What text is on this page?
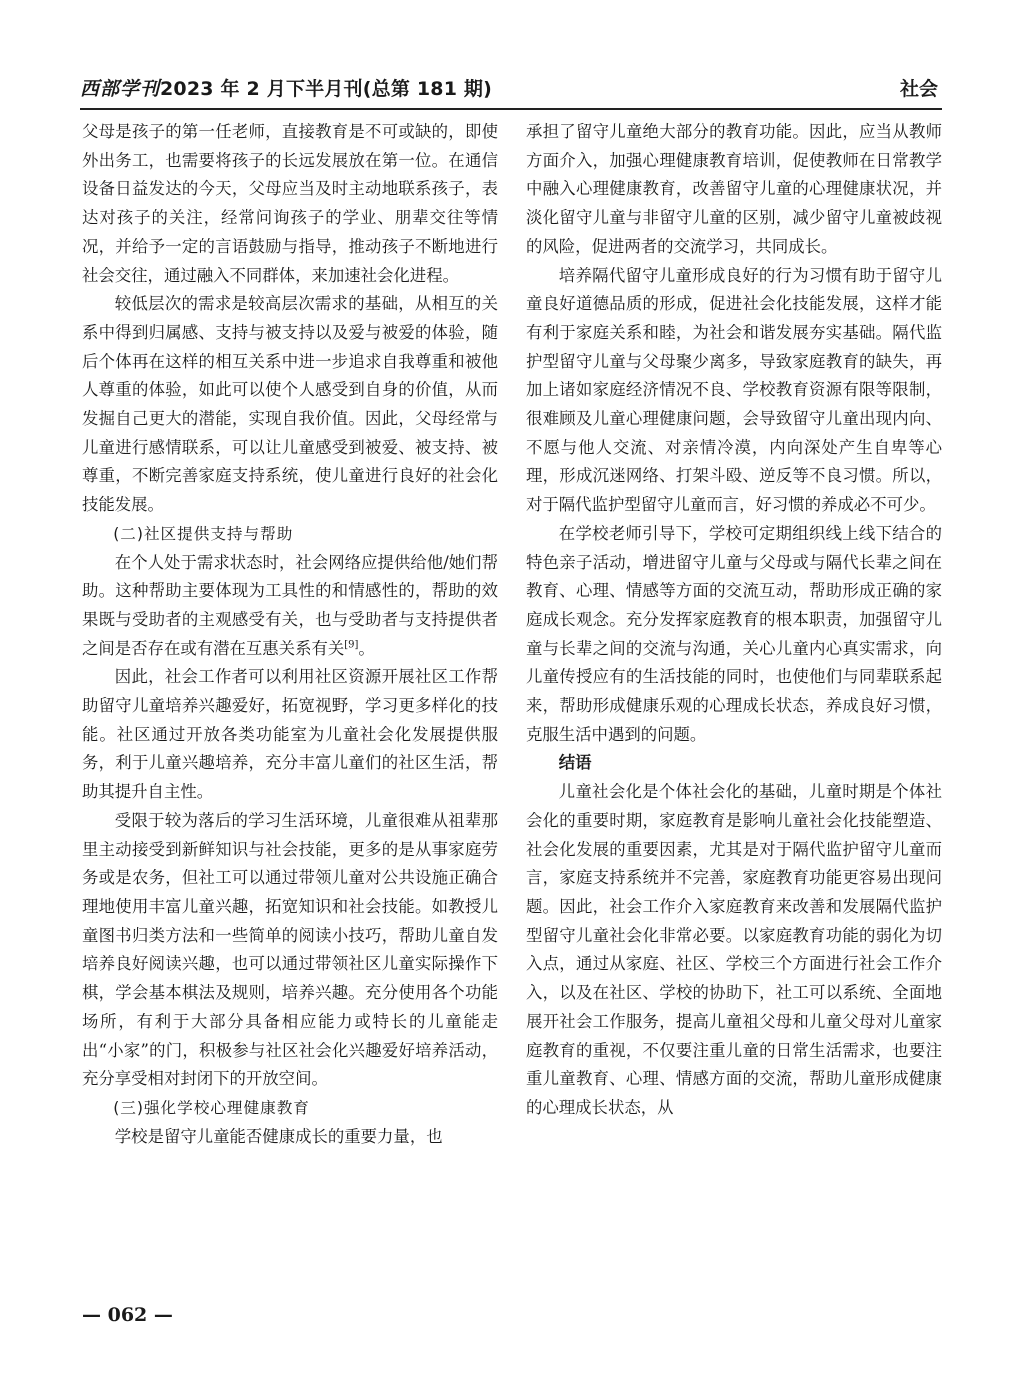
西部学刊2023 年 2 月下半月刊(总第 181 期)	社会

父母是孩子的第一任老师，直接教育是不可或缺的，即使外出务工，也需要将孩子的长远发展放在第一位。在通信设备日益发达的今天，父母应当及时主动地联系孩子，表达对孩子的关注，经常问询孩子的学业、朋辈交往等情况，并给予一定的言语鼓励与指导，推动孩子不断地进行社会交往，通过融入不同群体，来加速社会化进程。

较低层次的需求是较高层次需求的基础，从相互的关系中得到归属感、支持与被支持以及爱与被爱的体验，随后个体再在这样的相互关系中进一步追求自我尊重和被他人尊重的体验，如此可以使个人感受到自身的价值，从而发掘自己更大的潜能，实现自我价值。因此，父母经常与儿童进行感情联系，可以让儿童感受到被爱、被支持、被尊重，不断完善家庭支持系统，使儿童进行良好的社会化技能发展。

(二)社区提供支持与帮助

在个人处于需求状态时，社会网络应提供给他/她们帮助。这种帮助主要体现为工具性的和情感性的，帮助的效果既与受助者的主观感受有关，也与受助者与支持提供者之间是否存在或有潜在互惠关系有关[9]。

因此，社会工作者可以利用社区资源开展社区工作帮助留守儿童培养兴趣爱好，拓宽视野，学习更多样化的技能。社区通过开放各类功能室为儿童社会化发展提供服务，利于儿童兴趣培养，充分丰富儿童们的社区生活，帮助其提升自主性。

受限于较为落后的学习生活环境，儿童很难从祖辈那里主动接受到新鲜知识与社会技能，更多的是从事家庭劳务或是农务，但社工可以通过带领儿童对公共设施正确合理地使用丰富儿童兴趣，拓宽知识和社会技能。如教授儿童图书归类方法和一些简单的阅读小技巧，帮助儿童自发培养良好阅读兴趣，也可以通过带领社区儿童实际操作下棋，学会基本棋法及规则，培养兴趣。充分使用各个功能场所，有利于大部分具备相应能力或特长的儿童能走出“小家”的门，积极参与社区社会化兴趣爱好培养活动，充分享受相对封闭下的开放空间。

(三)强化学校心理健康教育

学校是留守儿童能否健康成长的重要力量，也

承担了留守儿童绝大部分的教育功能。因此，应当从教师方面介入，加强心理健康教育培训，促使教师在日常教学中融入心理健康教育，改善留守儿童的心理健康状况，并淡化留守儿童与非留守儿童的区别，减少留守儿童被歧视的风险，促进两者的交流学习，共同成长。

培养隔代留守儿童形成良好的行为习惯有助于留守儿童良好道德品质的形成，促进社会化技能发展，这样才能有利于家庭关系和睦，为社会和谐发展夯实基础。隔代监护型留守儿童与父母聚少离多，导致家庭教育的缺失，再加上诸如家庭经济情况不良、学校教育资源有限等限制，很难顾及儿童心理健康问题，会导致留守儿童出现内向、不愿与他人交流、对亲情冷漠，内向深处产生自卑等心理，形成沉迷网络、打架斗殴、逆反等不良习惯。所以，对于隔代监护型留守儿童而言，好习惯的养成必不可少。

在学校老师引导下，学校可定期组织线上线下结合的特色亲子活动，增进留守儿童与父母或与隔代长辈之间在教育、心理、情感等方面的交流互动，帮助形成正确的家庭成长观念。充分发挥家庭教育的根本职责，加强留守儿童与长辈之间的交流与沟通，关心儿童内心真实需求，向儿童传授应有的生活技能的同时，也使他们与同辈联系起来，帮助形成健康乐观的心理成长状态，养成良好习惯，克服生活中遇到的问题。

结语

儿童社会化是个体社会化的基础，儿童时期是个体社会化的重要时期，家庭教育是影响儿童社会化技能塑造、社会化发展的重要因素，尤其是对于隔代监护留守儿童而言，家庭支持系统并不完善，家庭教育功能更容易出现问题。因此，社会工作介入家庭教育来改善和发展隔代监护型留守儿童社会化非常必要。以家庭教育功能的弱化为切入点，通过从家庭、社区、学校三个方面进行社会工作介入，以及在社区、学校的协助下，社工可以系统、全面地展开社会工作服务，提高儿童祖父母和儿童父母对儿童家庭教育的重视，不仅要注重儿童的日常生活需求，也要注重儿童教育、心理、情感方面的交流，帮助儿童形成健康的心理成长状态，从

— 062 —
